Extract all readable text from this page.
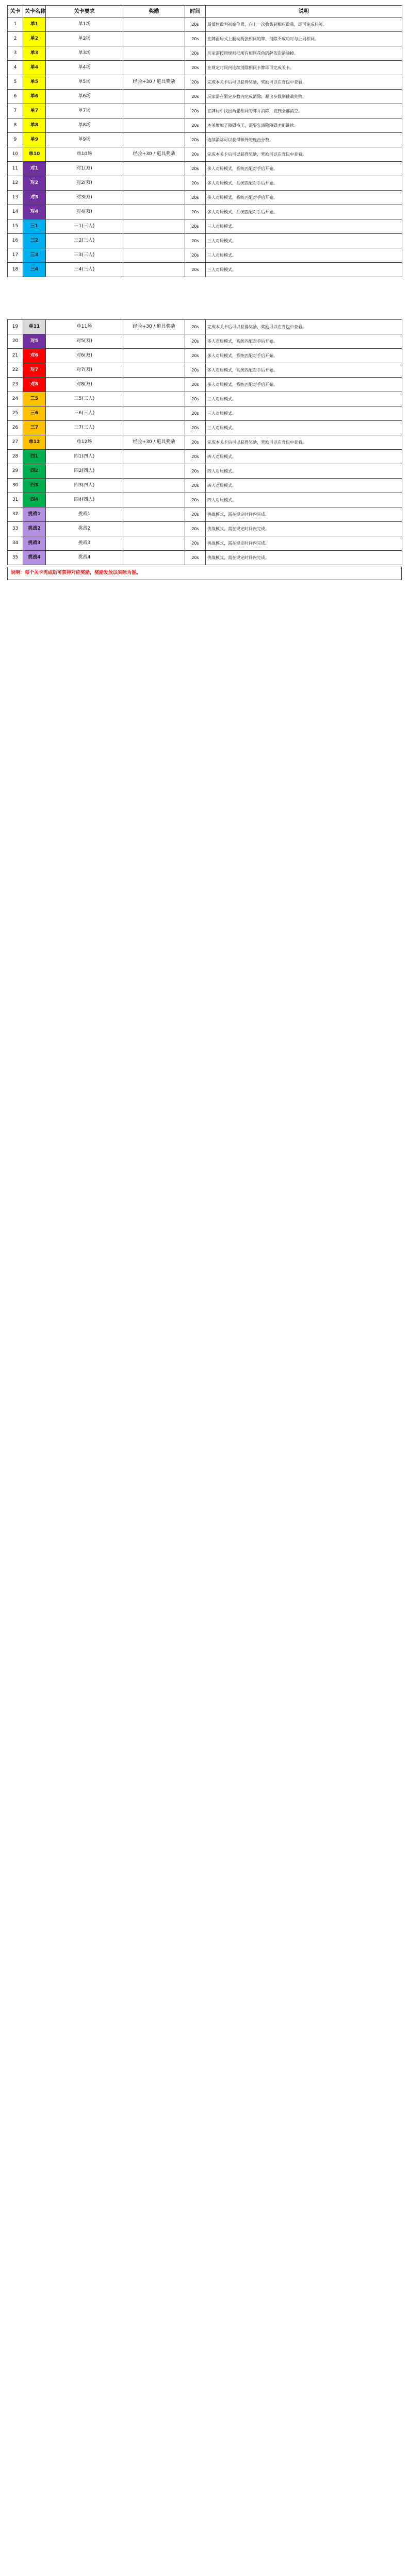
关卡	关卡名称	关卡要求	奖励	时间	说明
1	单1	单1场		20s	最低位数为初始位置，向上一次收集到相应数量，即可完成任务。
2	单2	单2场		20s	在牌面局式上翻动两张相同的牌，消除不成功时与上局相同。
3	单3	单3场		20s	玩家需按照规则把所有相同花色的牌依次消除掉。
4	单4	单4场		20s	在规定时间内连续消除相同卡牌即可完成关卡。
5	单5	单5场	经验+30 / 道具奖励	20s	完成本关卡后可以获得奖励，奖励可以在背包中查看。
6	单6	单6场		20s	玩家需在限定步数内完成消除，超出步数则挑战失败。
7	单7	单7场		20s	在牌局中找出两张相同的牌并消除，直到全部清空。
8	单8	单8场		20s	本关增加了障碍格子，需要先清除障碍才能继续。
9	单9	单9场		20s	连续消除可以获得额外的连击分数。
10	单10	单10场	经验+30 / 道具奖励	20s	完成本关卡后可以获得奖励，奖励可以在背包中查看。
11	对1	对1(双)		20s	多人对局模式，系统匹配对手后开始。
12	对2	对2(双)		20s	多人对局模式，系统匹配对手后开始。
13	对3	对3(双)		20s	多人对局模式，系统匹配对手后开始。
14	对4	对4(双)		20s	多人对局模式，系统匹配对手后开始。
15	三1	三1(三人)		20s	三人对局模式。
16	三2	三2(三人)		20s	三人对局模式。
17	三3	三3(三人)		20s	三人对局模式。
18	三4	三4(三人)		20s	三人对局模式。
19	单11	单11场	经验+30 / 道具奖励	20s	完成本关卡后可以获得奖励，奖励可以在背包中查看。
20	对5	对5(双)		20s	多人对局模式，系统匹配对手后开始。
21	对6	对6(双)		20s	多人对局模式，系统匹配对手后开始。
22	对7	对7(双)		20s	多人对局模式，系统匹配对手后开始。
23	对8	对8(双)		20s	多人对局模式，系统匹配对手后开始。
24	三5	三5(三人)		20s	三人对局模式。
25	三6	三6(三人)		20s	三人对局模式。
26	三7	三7(三人)		20s	三人对局模式。
27	单12	单12场	经验+30 / 道具奖励	20s	完成本关卡后可以获得奖励，奖励可以在背包中查看。
28	四1	四1(四人)		20s	四人对局模式。
29	四2	四2(四人)		20s	四人对局模式。
30	四3	四3(四人)		20s	四人对局模式。
31	四4	四4(四人)		20s	四人对局模式。
32	挑战1	挑战1		20s	挑战模式，需在规定时间内完成。
33	挑战2	挑战2		20s	挑战模式，需在规定时间内完成。
34	挑战3	挑战3		20s	挑战模式，需在规定时间内完成。
35	挑战4	挑战4		20s	挑战模式，需在规定时间内完成。
说明：每个关卡完成后可获得对应奖励，奖励发放以实际为准。
